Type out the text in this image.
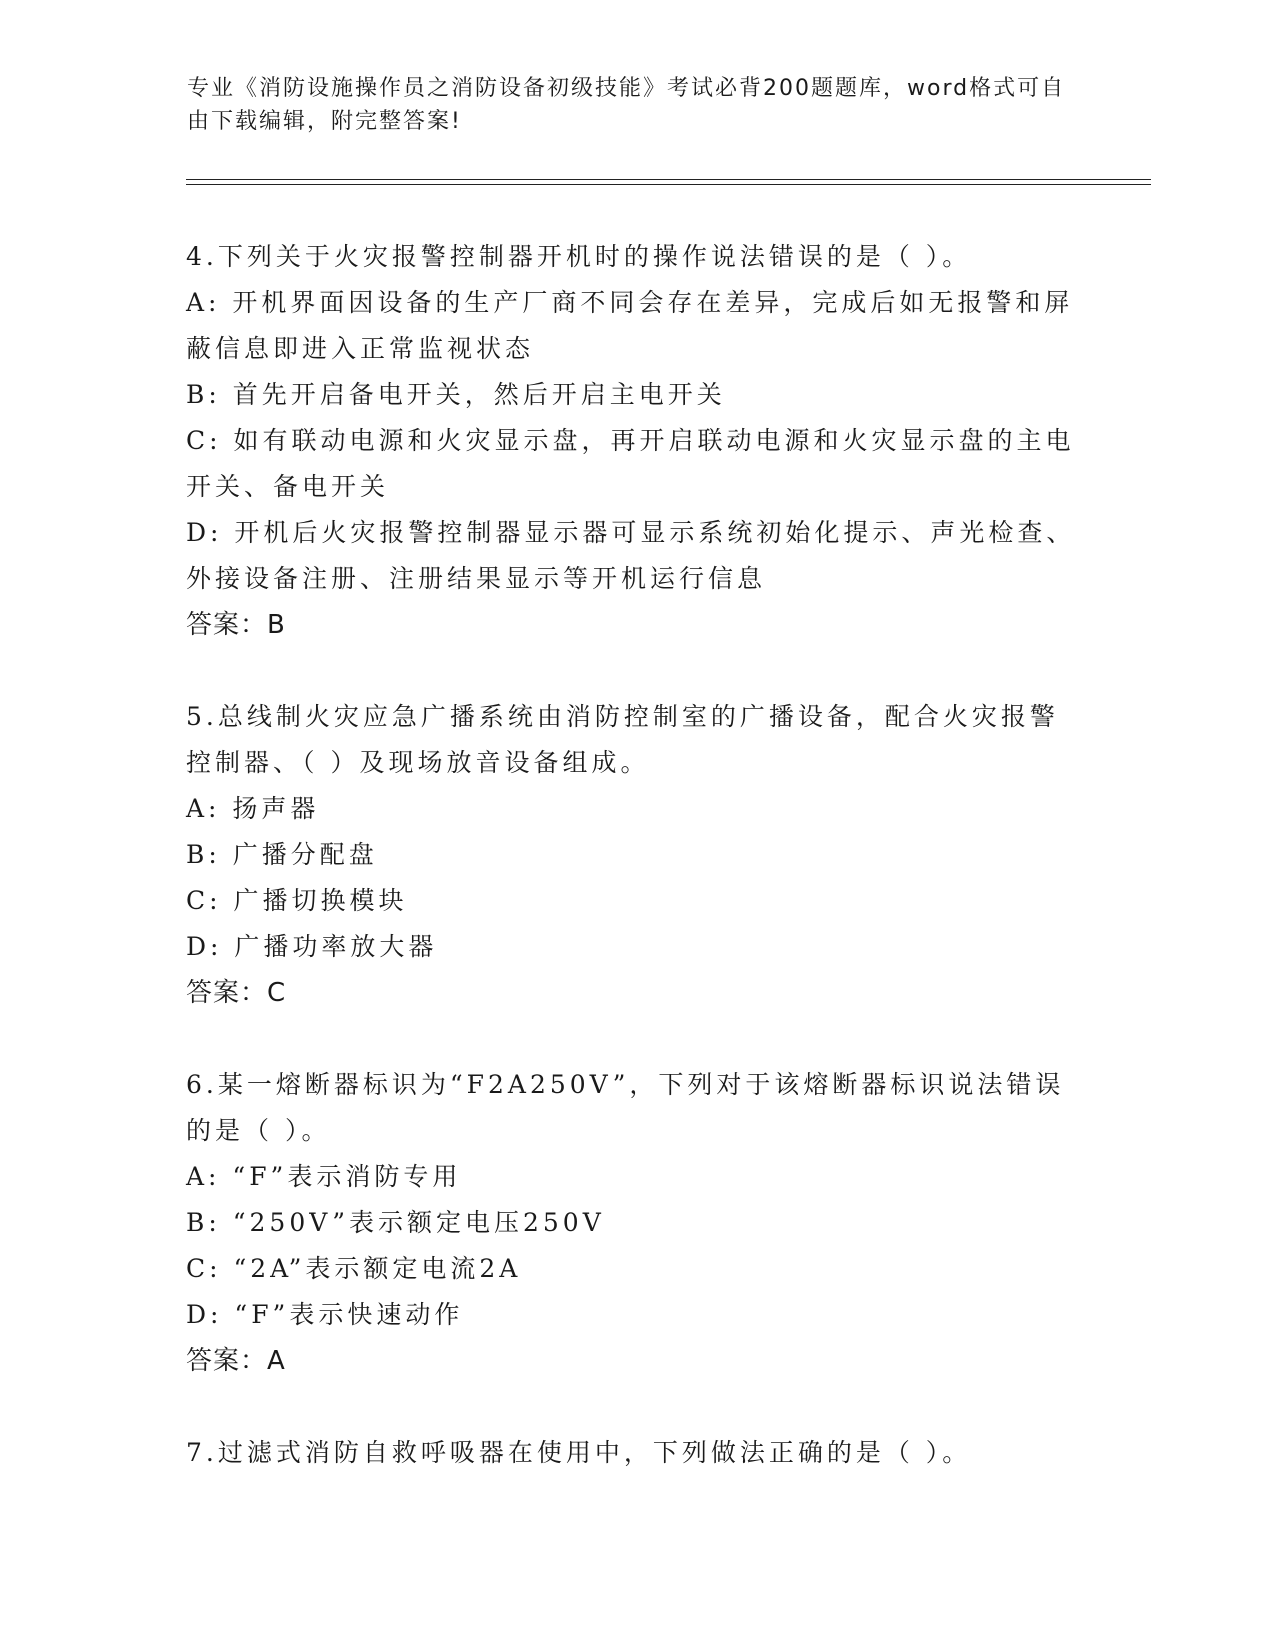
专业《消防设施操作员之消防设备初级技能》考试必背200题题库，word格式可自由下载编辑，附完整答案!

4.下列关于火灾报警控制器开机时的操作说法错误的是（ ）。

A: 开机界面因设备的生产厂商不同会存在差异，完成后如无报警和屏蔽信息即进入正常监视状态

B: 首先开启备电开关，然后开启主电开关

C: 如有联动电源和火灾显示盘，再开启联动电源和火灾显示盘的主电开关、备电开关

D: 开机后火灾报警控制器显示器可显示系统初始化提示、声光检查、外接设备注册、注册结果显示等开机运行信息

答案：B

5.总线制火灾应急广播系统由消防控制室的广播设备，配合火灾报警控制器、（ ）及现场放音设备组成。

A: 扬声器

B: 广播分配盘

C: 广播切换模块

D: 广播功率放大器

答案：C

6.某一熔断器标识为“F2A250V”，下列对于该熔断器标识说法错误的是（ ）。

A: “F”表示消防专用

B: “250V”表示额定电压250V

C: “2A”表示额定电流2A

D: “F”表示快速动作

答案：A

7.过滤式消防自救呼吸器在使用中，下列做法正确的是（ ）。
